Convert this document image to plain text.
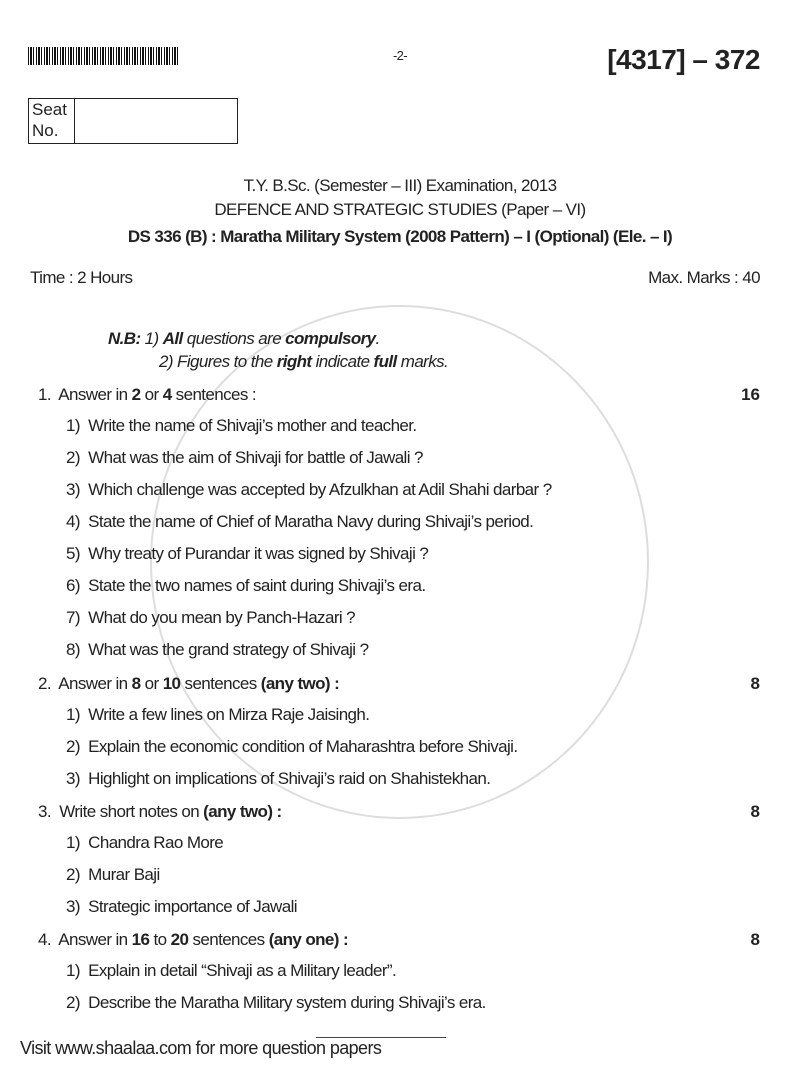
-2-	[4317] – 372
Seat
No.
T.Y. B.Sc. (Semester – III) Examination, 2013
DEFENCE AND STRATEGIC STUDIES (Paper – VI)
DS 336 (B) : Maratha Military System (2008 Pattern) – I (Optional) (Ele. – I)
Time : 2 Hours	Max. Marks : 40
N.B: 1) All questions are compulsory.
2) Figures to the right indicate full marks.
1. Answer in 2 or 4 sentences :	16
1)  Write the name of Shivaji’s mother and teacher.
2)  What was the aim of Shivaji for battle of Jawali ?
3)  Which challenge was accepted by Afzulkhan at Adil Shahi darbar ?
4)  State the name of Chief of Maratha Navy during Shivaji’s period.
5)  Why treaty of Purandar it was signed by Shivaji ?
6)  State the two names of saint during Shivaji’s era.
7)  What do you mean by Panch-Hazari ?
8)  What was the grand strategy of Shivaji ?
2. Answer in 8 or 10 sentences (any two) :	8
1)  Write a few lines on Mirza Raje Jaisingh.
2)  Explain the economic condition of Maharashtra before Shivaji.
3)  Highlight on implications of Shivaji’s raid on Shahistekhan.
3. Write short notes on (any two) :	8
1)  Chandra Rao More
2)  Murar Baji
3)  Strategic importance of Jawali
4. Answer in 16 to 20 sentences (any one) :	8
1)  Explain in detail “Shivaji as a Military leader”.
2)  Describe the Maratha Military system during Shivaji’s era.
Visit www.shaalaa.com for more question papers
